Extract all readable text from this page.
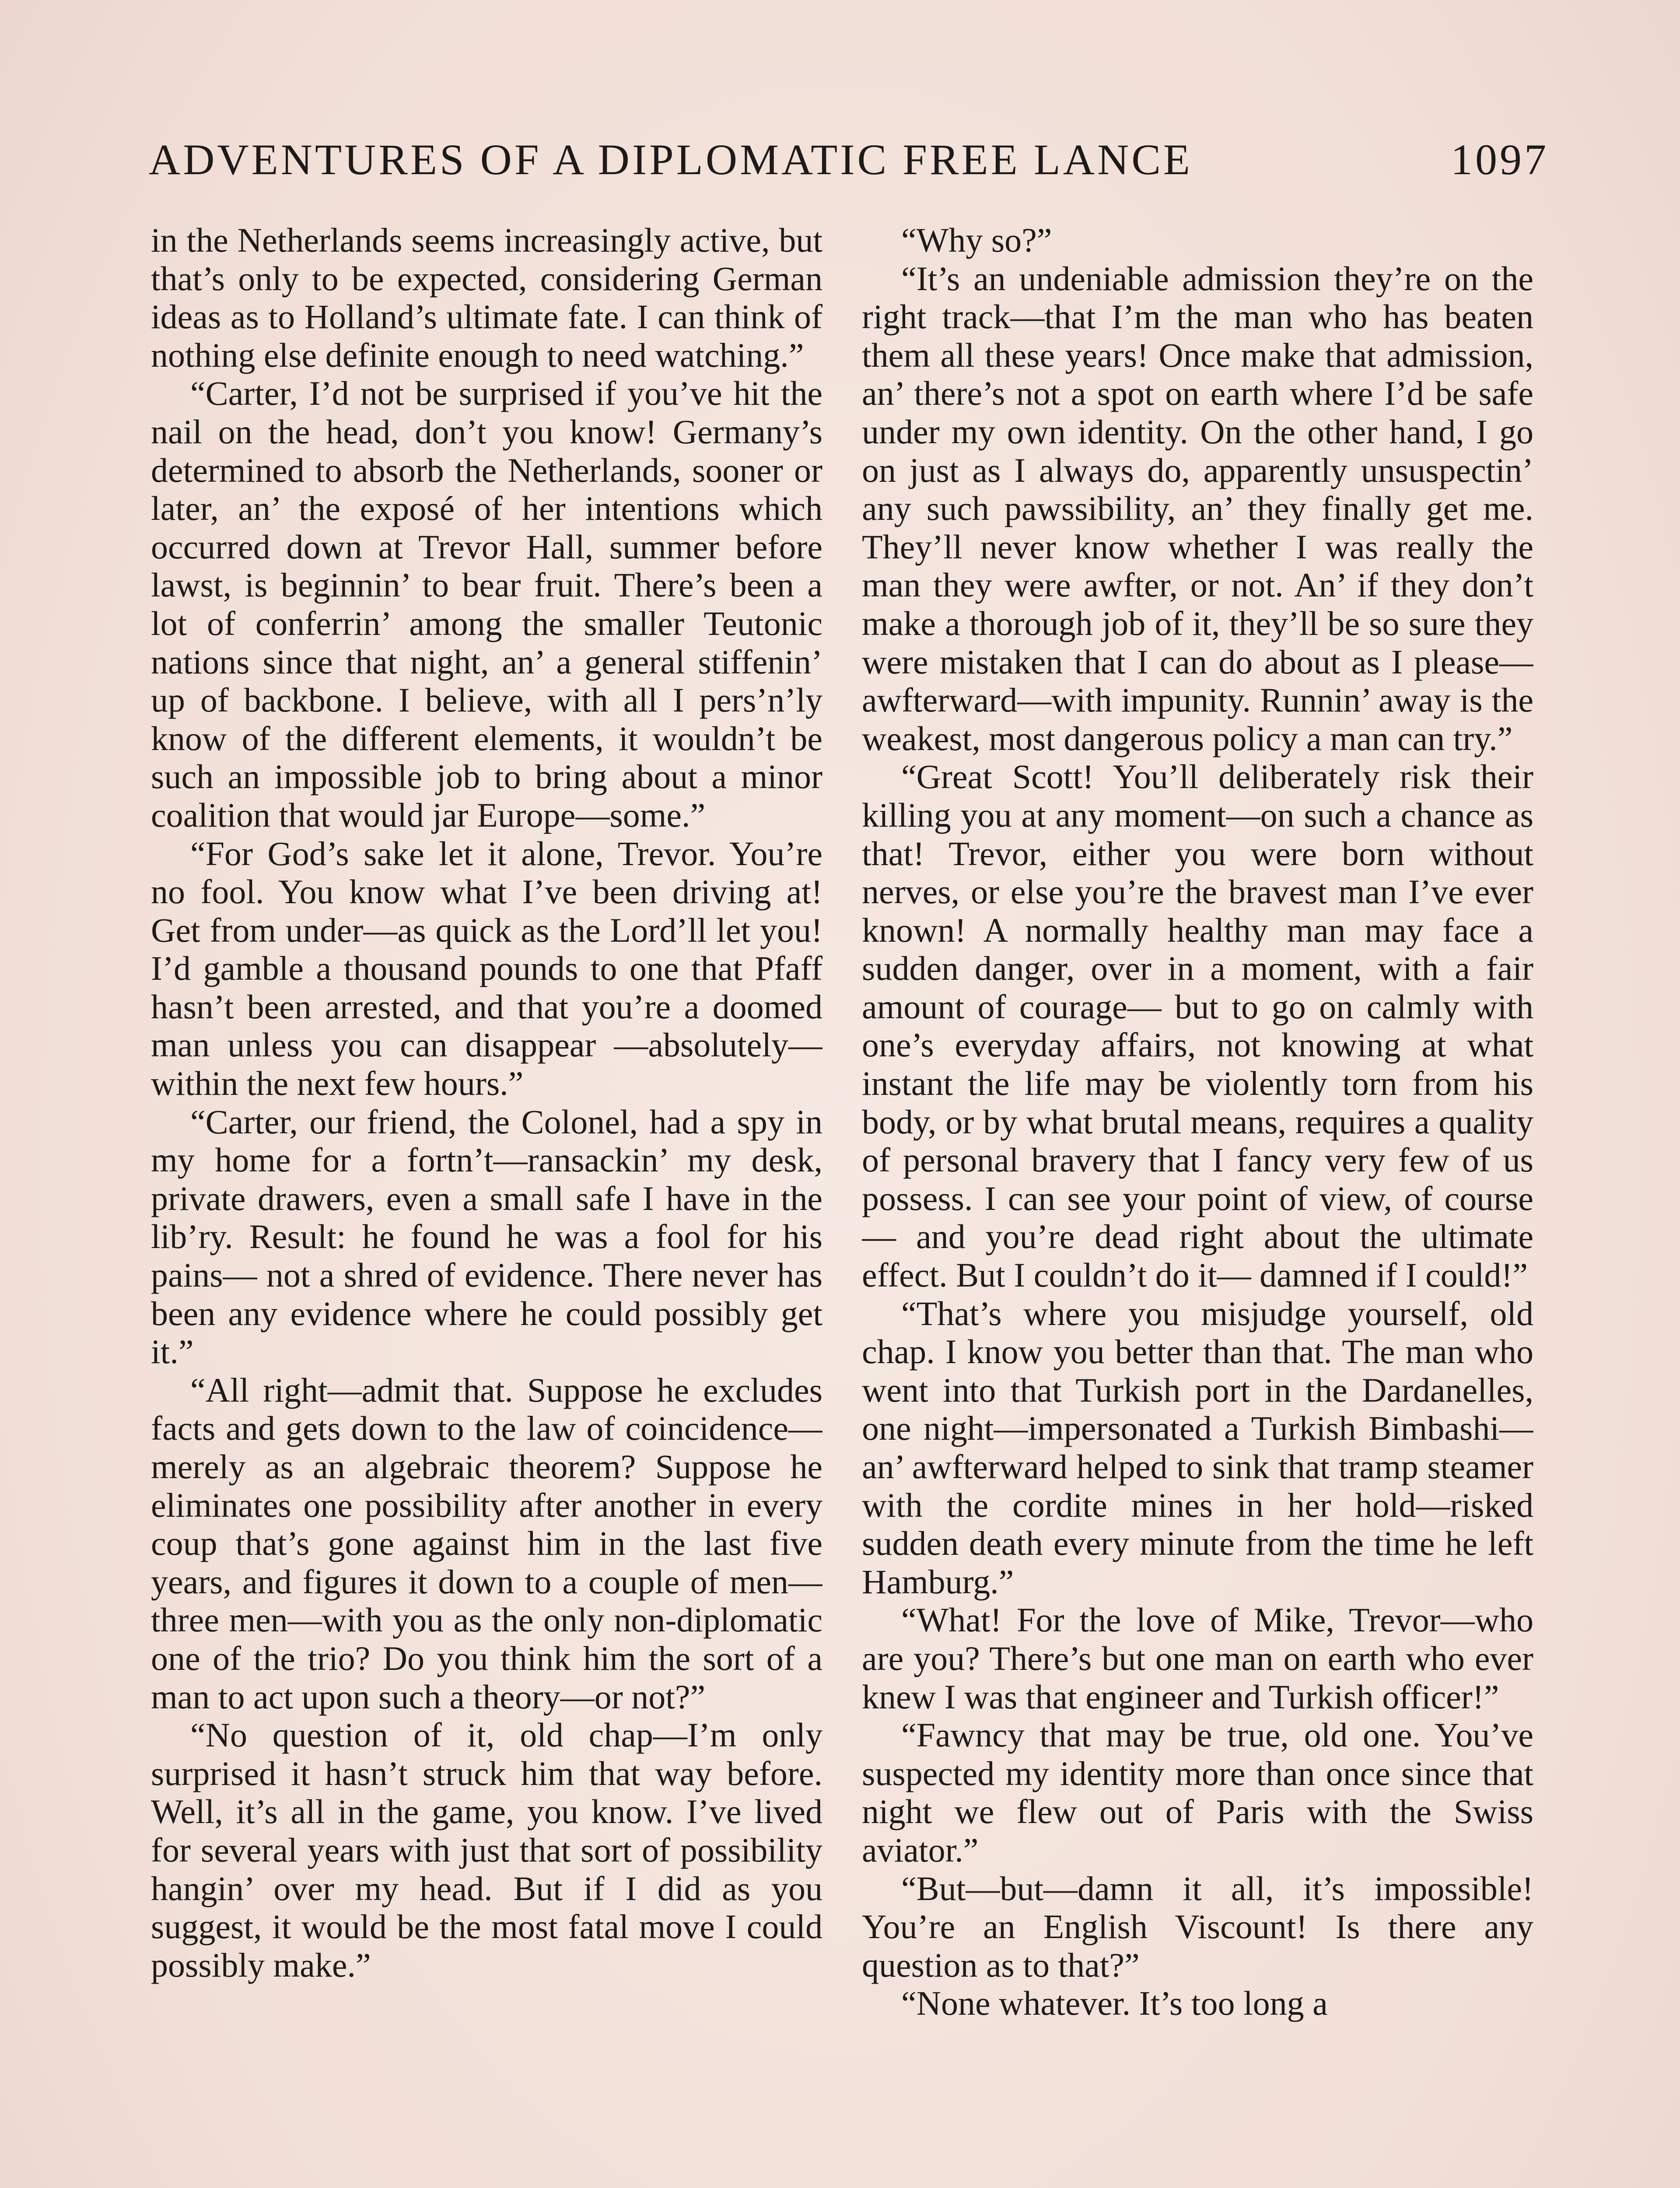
ADVENTURES OF A DIPLOMATIC FREE LANCE	1097

in the Netherlands seems increasingly active, but that’s only to be expected, considering German ideas as to Holland’s ultimate fate. I can think of nothing else definite enough to need watching.”

“Carter, I’d not be surprised if you’ve hit the nail on the head, don’t you know! Germany’s determined to absorb the Netherlands, sooner or later, an’ the exposé of her intentions which occurred down at Trevor Hall, summer before lawst, is beginnin’ to bear fruit. There’s been a lot of conferrin’ among the smaller Teutonic nations since that night, an’ a general stiffenin’ up of backbone. I believe, with all I pers’n’ly know of the different elements, it wouldn’t be such an impossible job to bring about a minor coalition that would jar Europe—some.”

“For God’s sake let it alone, Trevor. You’re no fool. You know what I’ve been driving at! Get from under—as quick as the Lord’ll let you! I’d gamble a thousand pounds to one that Pfaff hasn’t been arrested, and that you’re a doomed man unless you can disappear —absolutely—within the next few hours.”

“Carter, our friend, the Colonel, had a spy in my home for a fortn’t—ransackin’ my desk, private drawers, even a small safe I have in the lib’ry. Result: he found he was a fool for his pains— not a shred of evidence. There never has been any evidence where he could possibly get it.”

“All right—admit that. Suppose he excludes facts and gets down to the law of coincidence—merely as an algebraic theorem? Suppose he eliminates one possibility after another in every coup that’s gone against him in the last five years, and figures it down to a couple of men—three men—with you as the only non-diplomatic one of the trio? Do you think him the sort of a man to act upon such a theory—or not?”

“No question of it, old chap—I’m only surprised it hasn’t struck him that way before. Well, it’s all in the game, you know. I’ve lived for several years with just that sort of possibility hangin’ over my head. But if I did as you suggest, it would be the most fatal move I could possibly make.”

“Why so?”

“It’s an undeniable admission they’re on the right track—that I’m the man who has beaten them all these years! Once make that admission, an’ there’s not a spot on earth where I’d be safe under my own identity. On the other hand, I go on just as I always do, apparently unsuspectin’ any such pawssibility, an’ they finally get me. They’ll never know whether I was really the man they were awfter, or not. An’ if they don’t make a thorough job of it, they’ll be so sure they were mistaken that I can do about as I please—awfterward—with impunity. Runnin’ away is the weakest, most dangerous policy a man can try.”

“Great Scott! You’ll deliberately risk their killing you at any moment—on such a chance as that! Trevor, either you were born without nerves, or else you’re the bravest man I’ve ever known! A normally healthy man may face a sudden danger, over in a moment, with a fair amount of courage— but to go on calmly with one’s everyday affairs, not knowing at what instant the life may be violently torn from his body, or by what brutal means, requires a quality of personal bravery that I fancy very few of us possess. I can see your point of view, of course— and you’re dead right about the ultimate effect. But I couldn’t do it— damned if I could!”

“That’s where you misjudge yourself, old chap. I know you better than that. The man who went into that Turkish port in the Dardanelles, one night—impersonated a Turkish Bimbashi— an’ awfterward helped to sink that tramp steamer with the cordite mines in her hold—risked sudden death every minute from the time he left Hamburg.”

“What! For the love of Mike, Trevor—who are you? There’s but one man on earth who ever knew I was that engineer and Turkish officer!”

“Fawncy that may be true, old one. You’ve suspected my identity more than once since that night we flew out of Paris with the Swiss aviator.”

“But—but—damn it all, it’s impossible! You’re an English Viscount! Is there any question as to that?”

“None whatever. It’s too long a
